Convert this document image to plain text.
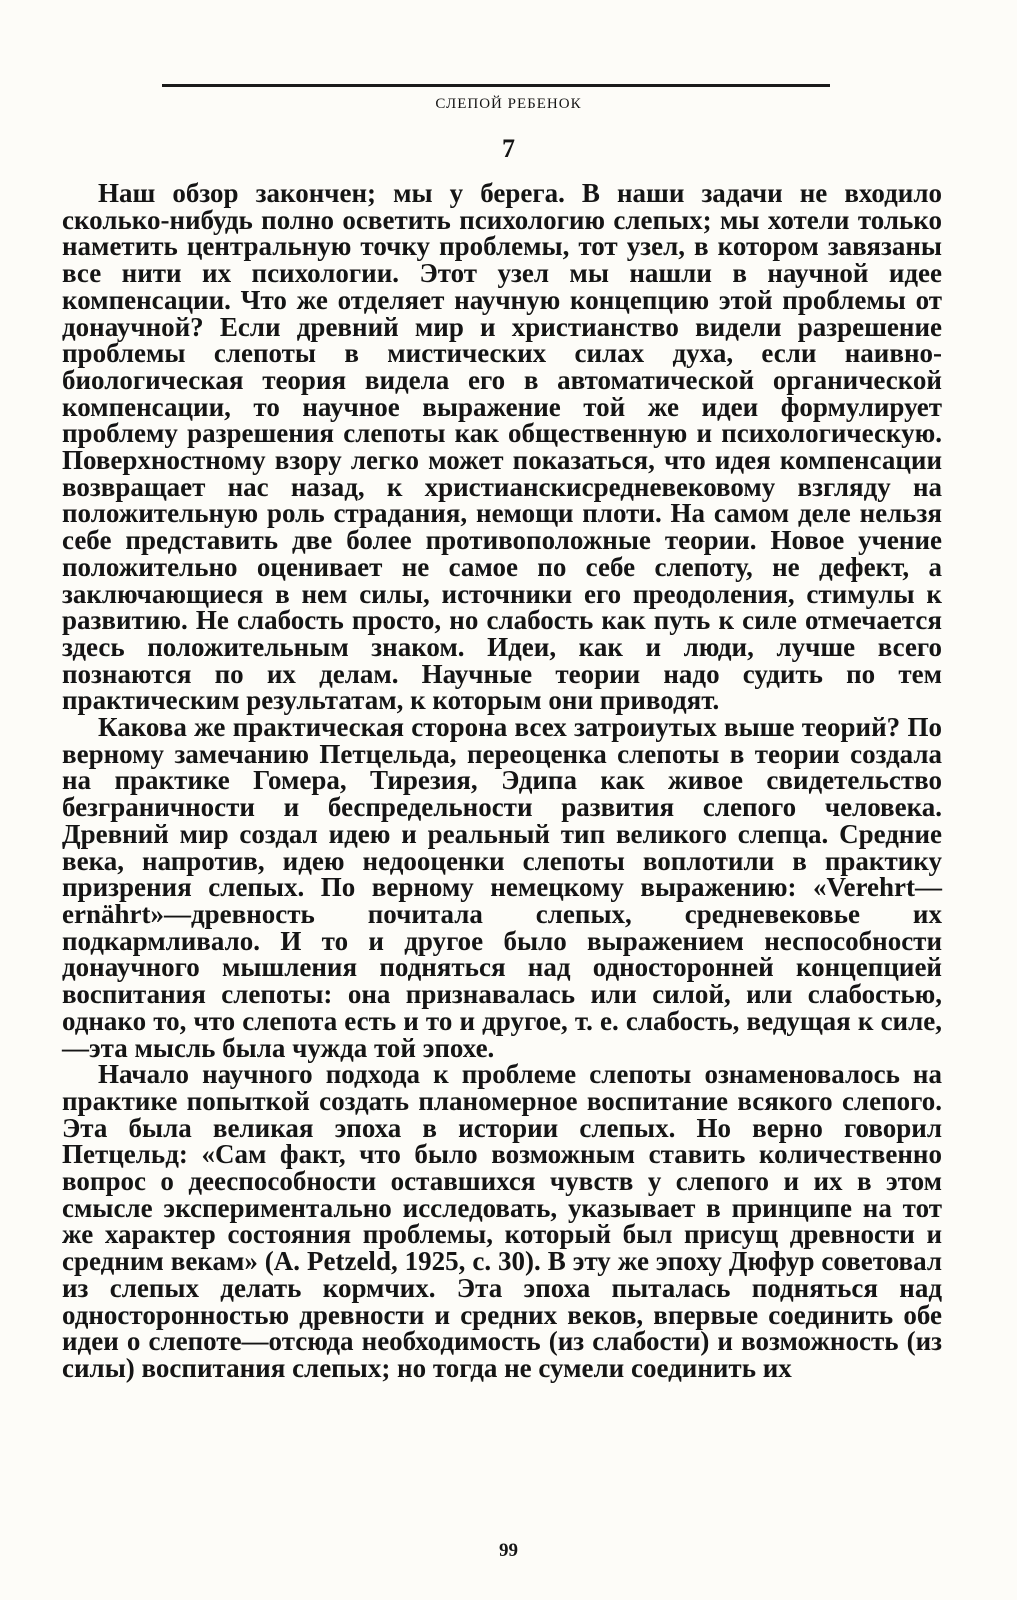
СЛЕПОЙ РЕБЕНОК
7

Наш обзор закончен; мы у берега. В наши задачи не входило сколько-нибудь полно осветить психологию слепых; мы хотели только наметить центральную точку проблемы, тот узел, в котором завязаны все нити их психологии. Этот узел мы нашли в научной идее компенсации. Что же отделяет научную концепцию этой проблемы от донаучной? Если древний мир и христианство видели разрешение проблемы слепоты в мистических силах духа, если наивно-биологическая теория видела его в автоматической органической компенсации, то научное выражение той же идеи формулирует проблему разрешения слепоты как общественную и психологическую. Поверхностному взору легко может показаться, что идея компенсации возвращает нас назад, к христианскисредневековому взгляду на положительную роль страдания, немощи плоти. На самом деле нельзя себе представить две более противоположные теории. Новое учение положительно оценивает не самое по себе слепоту, не дефект, а заключающиеся в нем силы, источники его преодоления, стимулы к развитию. Не слабость просто, но слабость как путь к силе отмечается здесь положительным знаком. Идеи, как и люди, лучше всего познаются по их делам. Научные теории надо судить по тем практическим результатам, к которым они приводят.

Какова же практическая сторона всех затроиутых выше теорий? По верному замечанию Петцельда, переоценка слепоты в теории создала на практике Гомера, Тирезия, Эдипа как живое свидетельство безграничности и беспредельности развития слепого человека. Древний мир создал идею и реальный тип великого слепца. Средние века, напротив, идею недооценки слепоты воплотили в практику призрения слепых. По верному немецкому выражению: «Verehrt—ernährt»—древность почитала слепых, средневековье их подкармливало. И то и другое было выражением неспособности донаучного мышления подняться над односторонней концепцией воспитания слепоты: она признавалась или силой, или слабостью, однако то, что слепота есть и то и другое, т. е. слабость, ведущая к силе,—эта мысль была чужда той эпохе.

Начало научного подхода к проблеме слепоты ознаменовалось на практике попыткой создать планомерное воспитание всякого слепого. Эта была великая эпоха в истории слепых. Но верно говорил Петцельд: «Сам факт, что было возможным ставить количественно вопрос о дееспособности оставшихся чувств у слепого и их в этом смысле экспериментально исследовать, указывает в принципе на тот же характер состояния проблемы, который был присущ древности и средним векам» (A. Petzeld, 1925, с. 30). В эту же эпоху Дюфур советовал из слепых делать кормчих. Эта эпоха пыталась подняться над односторонностью древности и средних веков, впервые соединить обе идеи о слепоте—отсюда необходимость (из слабости) и возможность (из силы) воспитания слепых; но тогда не сумели соединить их

99
